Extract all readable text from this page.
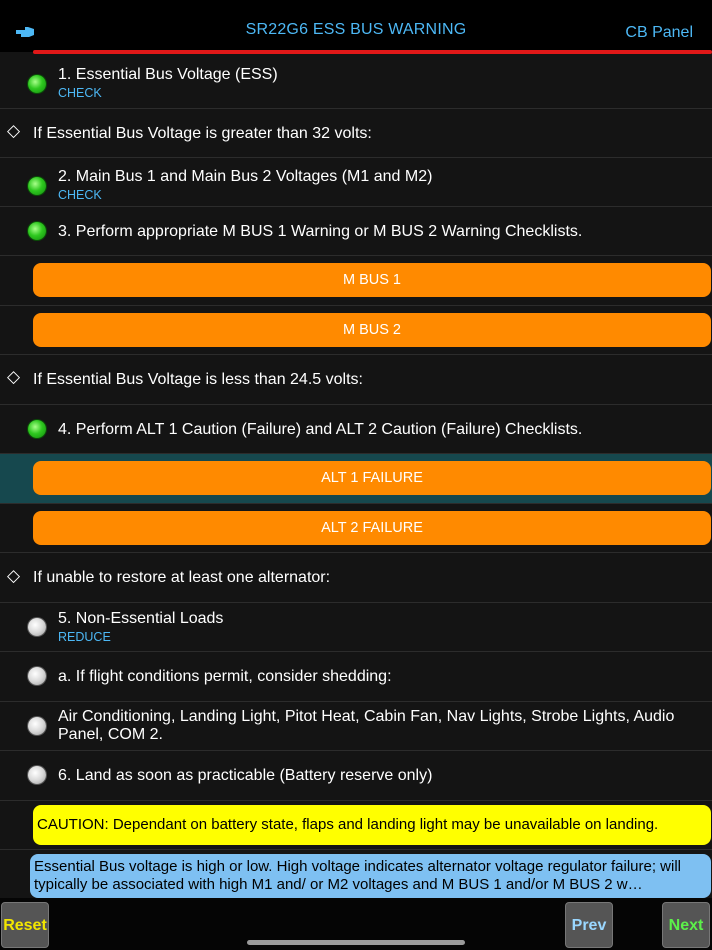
SR22G6 ESS BUS WARNING	CB Panel
1. Essential Bus Voltage (ESS)
CHECK
◇ If Essential Bus Voltage is greater than 32 volts:
2. Main Bus 1 and Main Bus 2 Voltages (M1 and M2)
CHECK
3. Perform appropriate M BUS 1 Warning or M BUS 2 Warning Checklists.
M BUS 1
M BUS 2
◇ If Essential Bus Voltage is less than 24.5 volts:
4. Perform ALT 1 Caution (Failure) and ALT 2 Caution (Failure) Checklists.
ALT 1 FAILURE
ALT 2 FAILURE
◇ If unable to restore at least one alternator:
5. Non-Essential Loads
REDUCE
a. If flight conditions permit, consider shedding:
Air Conditioning, Landing Light, Pitot Heat, Cabin Fan, Nav Lights, Strobe Lights, Audio Panel, COM 2.
6. Land as soon as practicable (Battery reserve only)
CAUTION: Dependant on battery state, flaps and landing light may be unavailable on landing.
Essential Bus voltage is high or low. High voltage indicates alternator voltage regulator failure; will typically be associated with high M1 and/ or M2 voltages and M BUS 1 and/or M BUS 2 w…
Reset	Prev	Next
